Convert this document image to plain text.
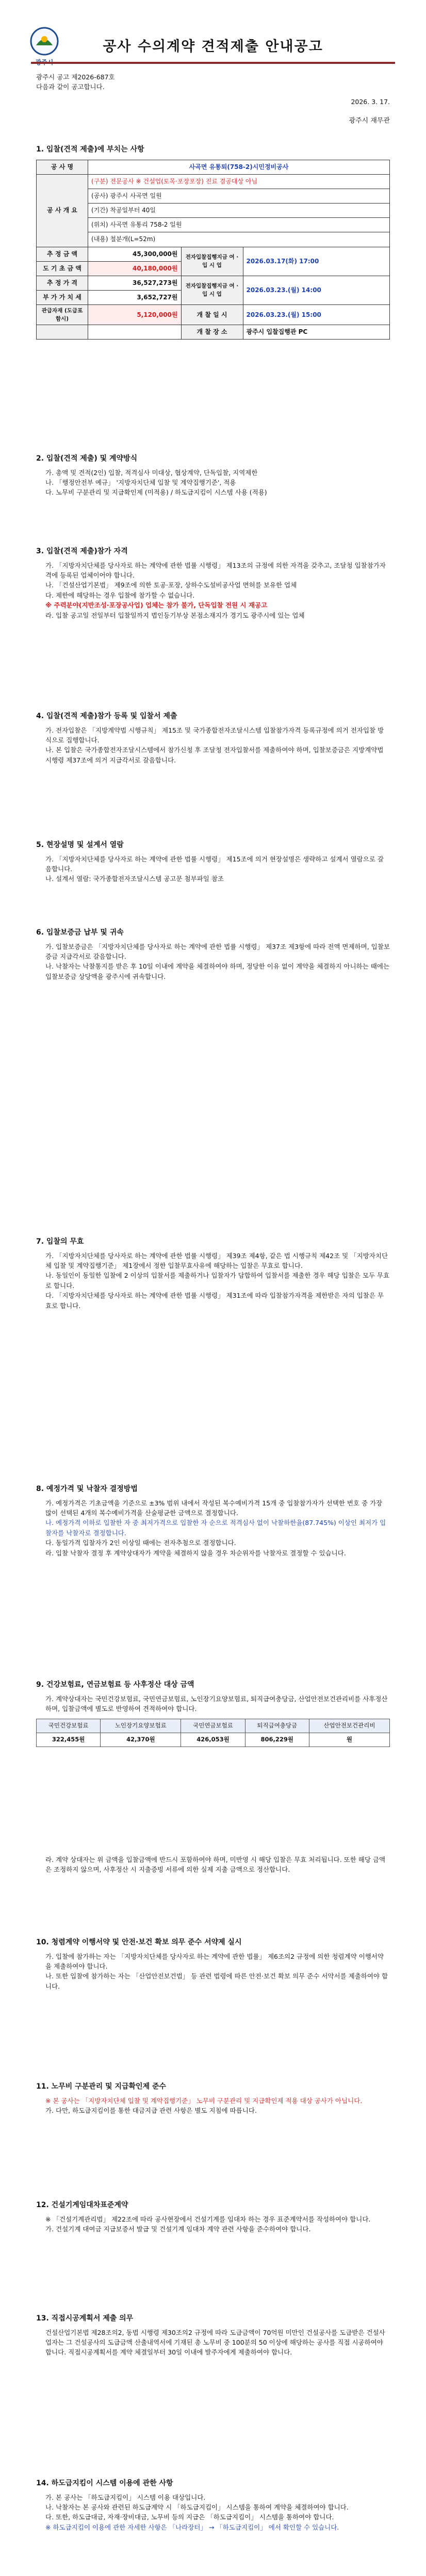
공사 수의계약 견적제출 안내공고
광주시 공고 제2026-687호
다음과 같이 공고합니다.
2026. 3. 17.
광주시 재무관
1. 입찰(견적 제출)에 부치는 사항
공 사 명	사곡면 유통퇴(758-2)시민정비공사		
공 사 개 요	(구분) 전문공사 ※ 건설업(토목·포장포장) 진료 겸공대상 아님
(공사) 광주시 사곡면 일원
(기간) 착공일부터 40일
(위치) 사곡면 유통리 758-2 일원
(내용) 철분개(L=52m)		

추 정 금 액	45,300,000원	전자입찰집행지금 여 ·입 시 업	2026.03.17(화) 17:00
도 기 초 금 액	40,180,000원		
추 정 가 격	36,527,273원	전자입찰집행지금 여 ·입 시 업	2026.03.23.(월) 14:00
부 가 가 치 세	3,652,727원		
관급자재 (도급포함시)	5,120,000원	개 찰 일 시	2026.03.23.(월) 15:00
		개 찰 장 소	광주시 입찰집행관 PC
2. 입찰(견적 제출) 및 계약방식
가. 총액 및 견적(2인) 입찰, 적격심사 미대상, 협상계약, 단독입찰, 지역제한
나. 「행정안전부 예규」 '지방자치단체 입찰 및 계약집행기준', 적용
다. 노무비 구분관리 및 지급확인제 (미적용) / 하도급지킴이 시스템 사용 (적용)
3. 입찰(견적 제출)참가 자격
가. 「지방자치단체를 당사자로 하는 계약에 관한 법률 시행령」 제13조의 규정에 의한 자격을 갖추고, 조달청 입찰참가자격에 등록된 업체이어야 합니다.
나. 「건설산업기본법」 제9조에 의한 토공·포장, 상하수도설비공사업 면허를 보유한 업체
다. 제한에 해당하는 경우 입찰에 참가할 수 없습니다.
※ 주력분야(지반조성·포장공사업) 업체는 참가 불가, 단독입찰 전원 시 재공고
라. 입찰 공고일 전일부터 입찰일까지 법인등기부상 본점소재지가 경기도 광주시에 있는 업체
4. 입찰(견적 제출)참가 등록 및 입찰서 제출
가. 전자입찰은 「지방계약법 시행규칙」 제15조 및 국가종합전자조달시스템 입찰참가자격 등록규정에 의거 전자입찰 방식으로 집행합니다.
나. 본 입찰은 국가종합전자조달시스템에서 참가신청 후 조달청 전자입찰서를 제출하여야 하며, 입찰보증금은 지방계약법 시행령 제37조에 의거 지급각서로 갈음합니다.
5. 현장설명 및 설계서 열람
가. 「지방자치단체를 당사자로 하는 계약에 관한 법률 시행령」 제15조에 의거 현장설명은 생략하고 설계서 열람으로 갈음합니다.
나. 설계서 열람: 국가종합전자조달시스템 공고문 첨부파일 참조
6. 입찰보증금 납부 및 귀속
가. 입찰보증금은 「지방자치단체를 당사자로 하는 계약에 관한 법률 시행령」 제37조 제3항에 따라 전액 면제하며, 입찰보증금 지급각서로 갈음합니다.
나. 낙찰자는 낙찰통지를 받은 후 10일 이내에 계약을 체결하여야 하며, 정당한 이유 없이 계약을 체결하지 아니하는 때에는 입찰보증금 상당액을 광주시에 귀속합니다.
7. 입찰의 무효
가. 「지방자치단체를 당사자로 하는 계약에 관한 법률 시행령」 제39조 제4항, 같은 법 시행규칙 제42조 및 「지방자치단체 입찰 및 계약집행기준」 제1장에서 정한 입찰무효사유에 해당하는 입찰은 무효로 합니다.
나. 동일인이 동일한 입찰에 2 이상의 입찰서를 제출하거나 입찰자가 담합하여 입찰서를 제출한 경우 해당 입찰은 모두 무효로 합니다.
다. 「지방자치단체를 당사자로 하는 계약에 관한 법률 시행령」 제31조에 따라 입찰참가자격을 제한받은 자의 입찰은 무효로 합니다.
8. 예정가격 및 낙찰자 결정방법
가. 예정가격은 기초금액을 기준으로 ±3% 범위 내에서 작성된 복수예비가격 15개 중 입찰참가자가 선택한 번호 중 가장 많이 선택된 4개의 복수예비가격을 산술평균한 금액으로 결정합니다.
나. 예정가격 이하로 입찰한 자 중 최저가격으로 입찰한 자 순으로 적격심사 없이 낙찰하한율(87.745%) 이상인 최저가 입찰자를 낙찰자로 결정합니다.
다. 동일가격 입찰자가 2인 이상일 때에는 전자추첨으로 결정합니다.
라. 입찰 낙찰자 결정 후 계약상대자가 계약을 체결하지 않을 경우 차순위자를 낙찰자로 결정할 수 있습니다.
9. 건강보험료, 연금보험료 등 사후정산 대상 금액
가. 계약상대자는 국민건강보험료, 국민연금보험료, 노인장기요양보험료, 퇴직급여충당금, 산업안전보건관리비를 사후정산하며, 입찰금액에 별도로 반영하여 견적하여야 합니다.
국민건강보험료	노인장기요양보험료	국민연금보험료	퇴직급여충당금	산업안전보건관리비
322,455원	42,370원	426,053원	806,229원	원
라. 계약 상대자는 위 금액을 입찰금액에 반드시 포함하여야 하며, 미반영 시 해당 입찰은 무효 처리됩니다. 또한 해당 금액은 조정하지 않으며, 사후정산 시 지출증빙 서류에 의한 실제 지출 금액으로 정산합니다.
10. 청렴계약 이행서약 및 안전·보건 확보 의무 준수 서약제 실시
가. 입찰에 참가하는 자는 「지방자치단체를 당사자로 하는 계약에 관한 법률」 제6조의2 규정에 의한 청렴계약 이행서약을 제출하여야 합니다.
나. 또한 입찰에 참가하는 자는 「산업안전보건법」 등 관련 법령에 따른 안전·보건 확보 의무 준수 서약서를 제출하여야 합니다.
11. 노무비 구분관리 및 지급확인제 준수
※ 본 공사는 「지방자치단체 입찰 및 계약집행기준」 노무비 구분관리 및 지급확인제 적용 대상 공사가 아닙니다.
가. 다만, 하도급지킴이를 통한 대금지급 관련 사항은 별도 지침에 따릅니다.
12. 건설기계임대차표준계약
※ 「건설기계관리법」 제22조에 따라 공사현장에서 건설기계를 임대차 하는 경우 표준계약서를 작성하여야 합니다.
가. 건설기계 대여금 지급보증서 발급 및 건설기계 임대차 계약 관련 사항을 준수하여야 합니다.
13. 직접시공계획서 제출 의무
건설산업기본법 제28조의2, 동법 시행령 제30조의2 규정에 따라 도급금액이 70억원 미만인 건설공사를 도급받은 건설사업자는 그 건설공사의 도급금액 산출내역서에 기재된 총 노무비 중 100분의 50 이상에 해당하는 공사를 직접 시공하여야 합니다. 직접시공계획서를 계약 체결일부터 30일 이내에 발주자에게 제출하여야 합니다.
14. 하도급지킴이 시스템 이용에 관한 사항
가. 본 공사는 「하도급지킴이」 시스템 이용 대상입니다.
나. 낙찰자는 본 공사와 관련된 하도급계약 시 「하도급지킴이」 시스템을 통하여 계약을 체결하여야 합니다.
다. 또한, 하도급대금, 자재·장비대금, 노무비 등의 지급은 「하도급지킴이」 시스템을 통하여야 합니다.
※ 하도급지킴이 이용에 관한 자세한 사항은 「나라장터」 → 「하도급지킴이」 에서 확인할 수 있습니다.
